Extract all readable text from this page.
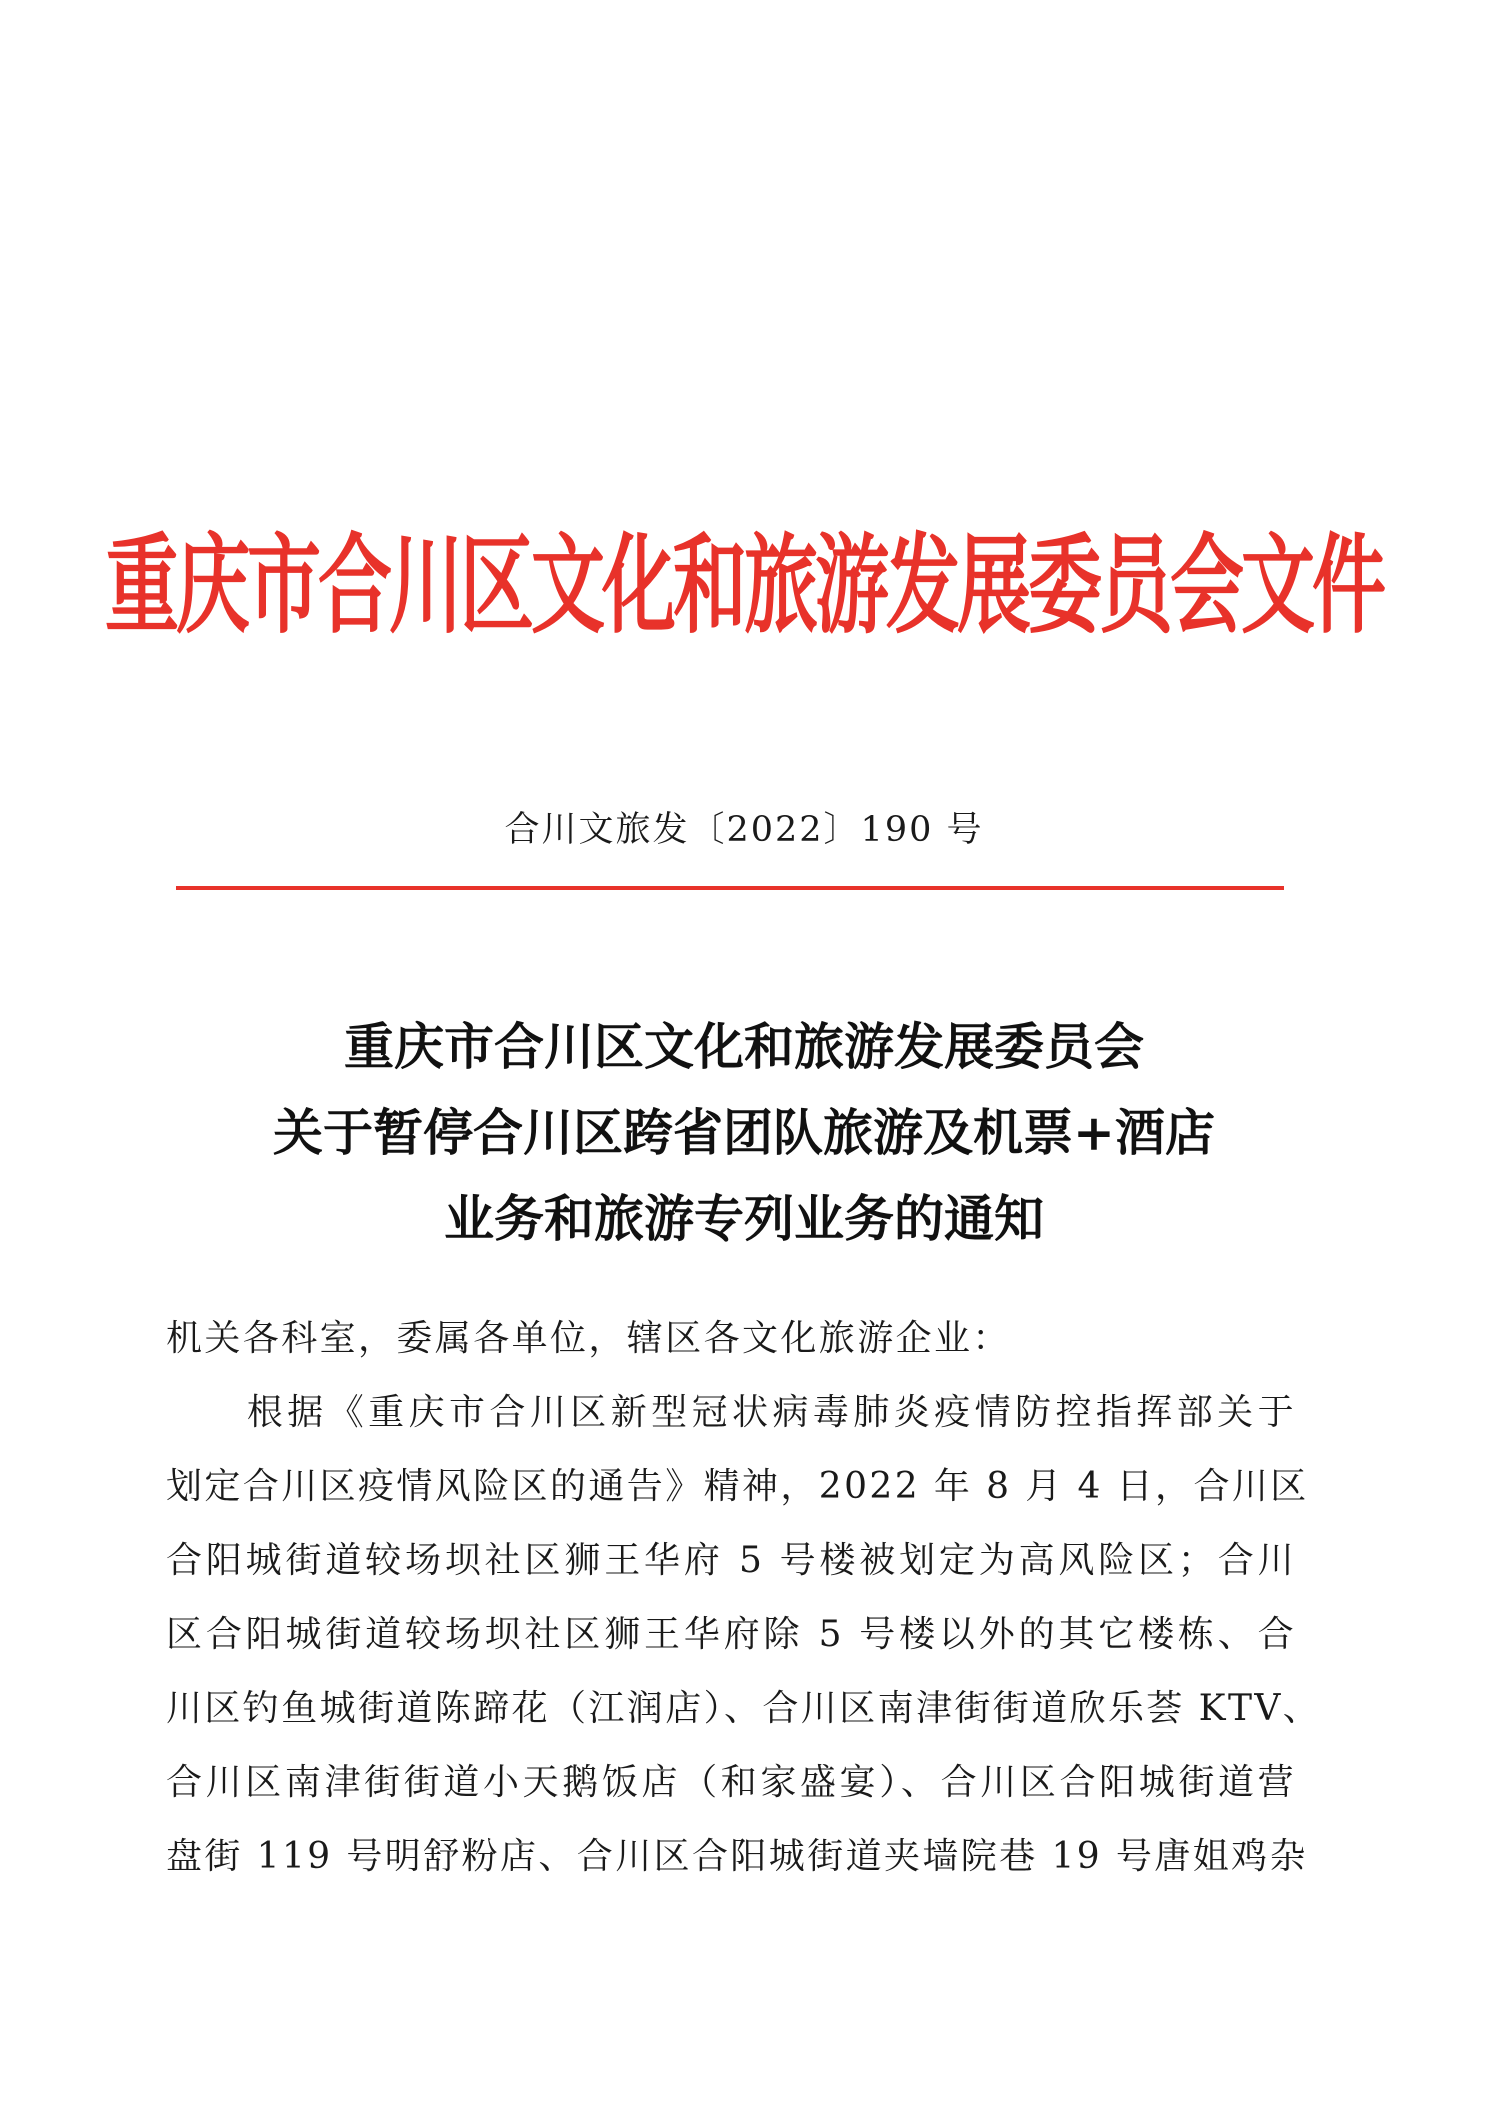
重庆市合川区文化和旅游发展委员会文件
合川文旅发〔2022〕190 号
重庆市合川区文化和旅游发展委员会
关于暂停合川区跨省团队旅游及机票+酒店
业务和旅游专列业务的通知
机关各科室，委属各单位，辖区各文化旅游企业：
　　根据《重庆市合川区新型冠状病毒肺炎疫情防控指挥部关于
划定合川区疫情风险区的通告》精神，2022 年 8 月 4 日，合川区
合阳城街道较场坝社区狮王华府 5 号楼被划定为高风险区；合川
区合阳城街道较场坝社区狮王华府除 5 号楼以外的其它楼栋、合
川区钓鱼城街道陈蹄花（江润店）、合川区南津街街道欣乐荟 KTV、
合川区南津街街道小天鹅饭店（和家盛宴）、合川区合阳城街道营
盘街 119 号明舒粉店、合川区合阳城街道夹墙院巷 19 号唐姐鸡杂
